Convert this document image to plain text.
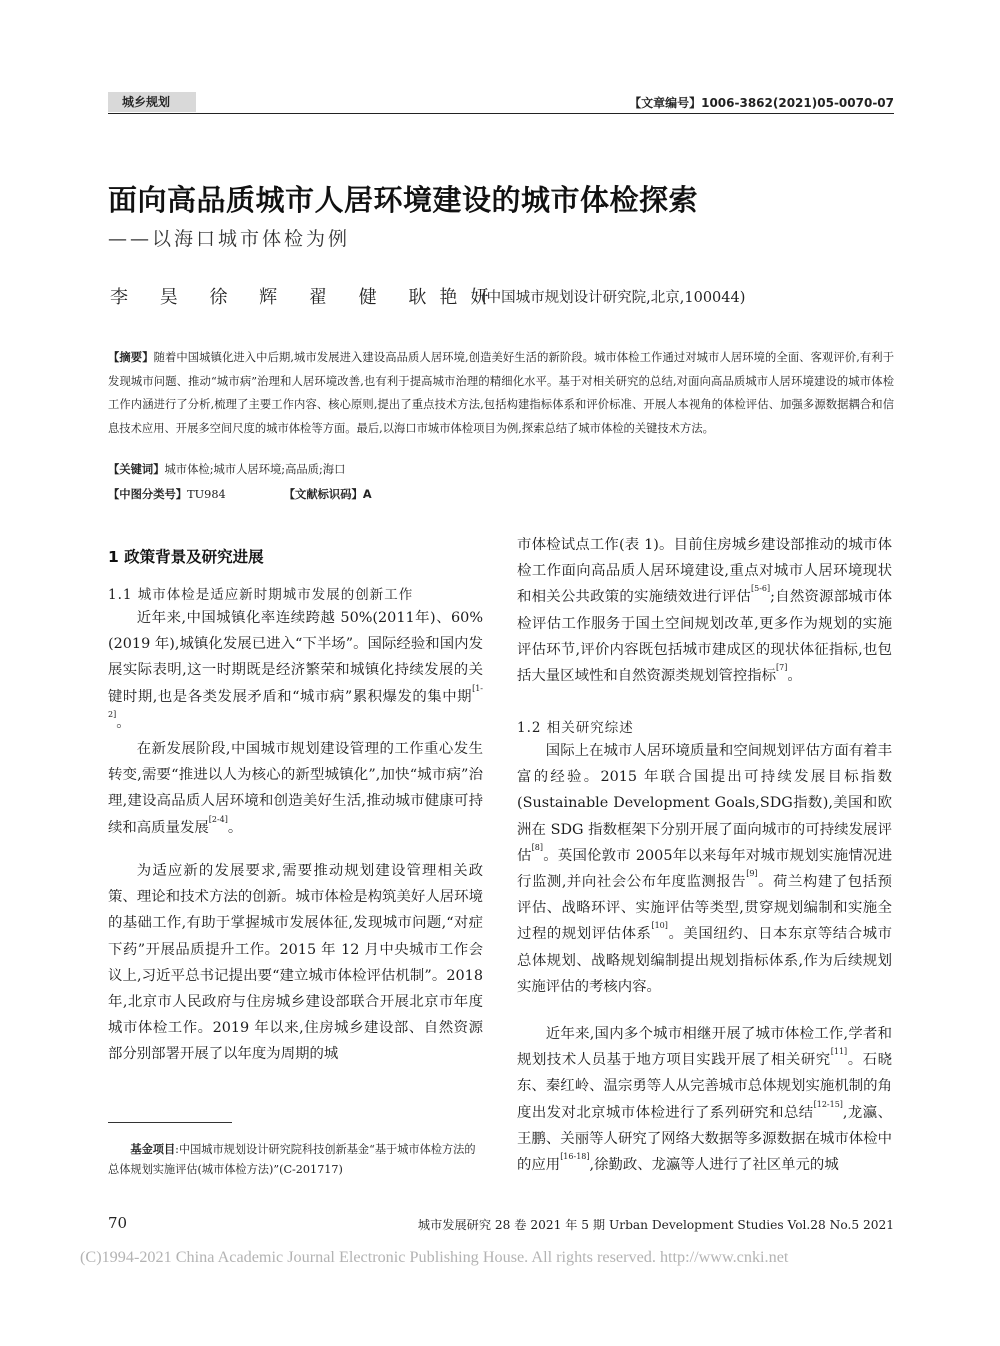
城乡规划	【文章编号】1006-3862(2021)05-0070-07
面向高品质城市人居环境建设的城市体检探索
——以海口城市体检为例
李 昊 徐 辉 翟 健 耿艳妍
(中国城市规划设计研究院,北京,100044)
【摘要】随着中国城镇化进入中后期,城市发展进入建设高品质人居环境,创造美好生活的新阶段。城市体检工作通过对城市人居环境的全面、客观评价,有利于发现城市问题、推动“城市病”治理和人居环境改善,也有利于提高城市治理的精细化水平。基于对相关研究的总结,对面向高品质城市人居环境建设的城市体检工作内涵进行了分析,梳理了主要工作内容、核心原则,提出了重点技术方法,包括构建指标体系和评价标准、开展人本视角的体检评估、加强多源数据耦合和信息技术应用、开展多空间尺度的城市体检等方面。最后,以海口市城市体检项目为例,探索总结了城市体检的关键技术方法。
【关键词】城市体检;城市人居环境;高品质;海口
【中图分类号】TU984	【文献标识码】A
1 政策背景及研究进展
1.1 城市体检是适应新时期城市发展的创新工作
近年来,中国城镇化率连续跨越 50%(2011年)、60%(2019 年),城镇化发展已进入“下半场”。国际经验和国内发展实际表明,这一时期既是经济繁荣和城镇化持续发展的关键时期,也是各类发展矛盾和“城市病”累积爆发的集中期[1-2]。
在新发展阶段,中国城市规划建设管理的工作重心发生转变,需要“推进以人为核心的新型城镇化”,加快“城市病”治理,建设高品质人居环境和创造美好生活,推动城市健康可持续和高质量发展[2-4]。
为适应新的发展要求,需要推动规划建设管理相关政策、理论和技术方法的创新。城市体检是构筑美好人居环境的基础工作,有助于掌握城市发展体征,发现城市问题,“对症下药”开展品质提升工作。2015 年 12 月中央城市工作会议上,习近平总书记提出要“建立城市体检评估机制”。2018 年,北京市人民政府与住房城乡建设部联合开展北京市年度城市体检工作。2019 年以来,住房城乡建设部、自然资源部分别部署开展了以年度为周期的城
基金项目:中国城市规划设计研究院科技创新基金“基于城市体检方法的总体规划实施评估(城市体检方法)”(C-201717)
市体检试点工作(表 1)。目前住房城乡建设部推动的城市体检工作面向高品质人居环境建设,重点对城市人居环境现状和相关公共政策的实施绩效进行评估[5-6];自然资源部城市体检评估工作服务于国土空间规划改革,更多作为规划的实施评估环节,评价内容既包括城市建成区的现状体征指标,也包括大量区域性和自然资源类规划管控指标[7]。
1.2 相关研究综述
国际上在城市人居环境质量和空间规划评估方面有着丰富的经验。2015 年联合国提出可持续发展目标指数(Sustainable Development Goals,SDG指数),美国和欧洲在 SDG 指数框架下分别开展了面向城市的可持续发展评估[8]。英国伦敦市 2005年以来每年对城市规划实施情况进行监测,并向社会公布年度监测报告[9]。荷兰构建了包括预评估、战略环评、实施评估等类型,贯穿规划编制和实施全过程的规划评估体系[10]。美国纽约、日本东京等结合城市总体规划、战略规划编制提出规划指标体系,作为后续规划实施评估的考核内容。
近年来,国内多个城市相继开展了城市体检工作,学者和规划技术人员基于地方项目实践开展了相关研究[11]。石晓东、秦红岭、温宗勇等人从完善城市总体规划实施机制的角度出发对北京城市体检进行了系列研究和总结[12-15],龙瀛、王鹏、关丽等人研究了网络大数据等多源数据在城市体检中的应用[16-18],徐勤政、龙瀛等人进行了社区单元的城
70	城市发展研究 28 卷 2021 年 5 期 Urban Development Studies Vol.28 No.5 2021
(C)1994-2021 China Academic Journal Electronic Publishing House. All rights reserved. http://www.cnki.net
